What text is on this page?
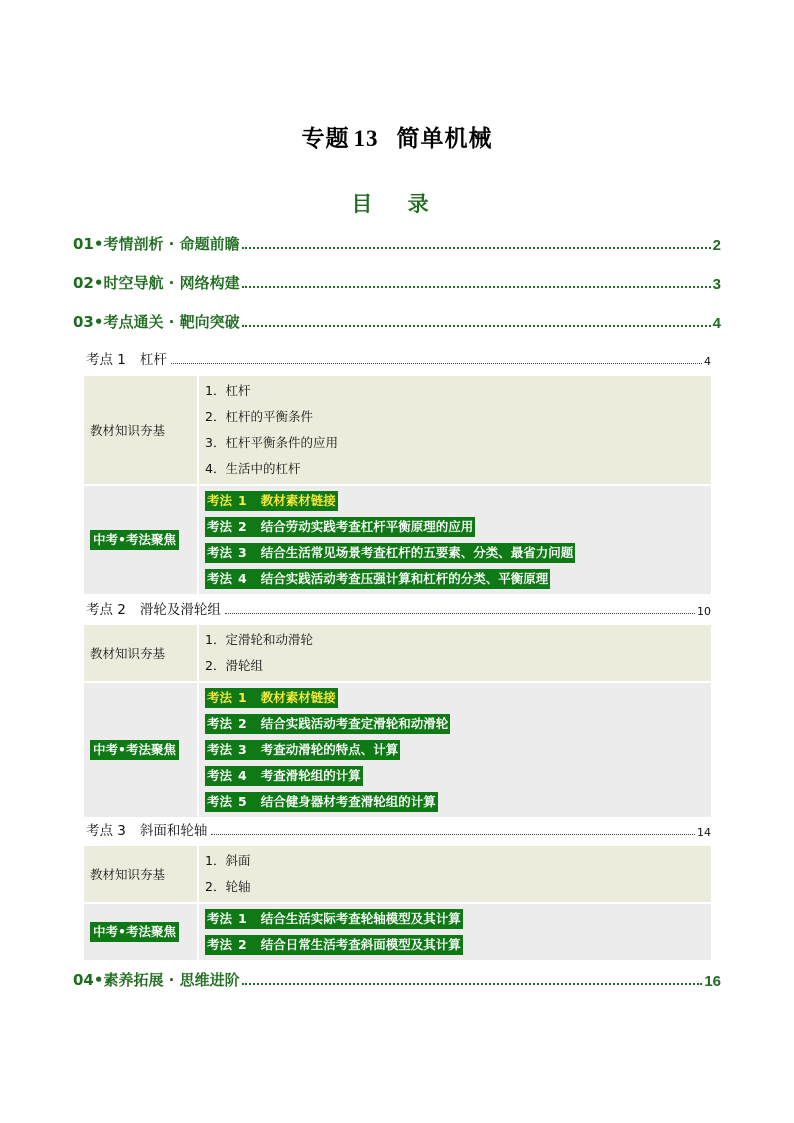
专题 13 简单机械
目 录
01•考情剖析 · 命题前瞻	2
02•时空导航 · 网络构建	3
03•考点通关 · 靶向突破	4
考点 1 杠杆	4
教材知识夯基
1．杠杆
2．杠杆的平衡条件
3．杠杆平衡条件的应用
4．生活中的杠杆
中考•考法聚焦
考法 1 教材素材链接
考法 2 结合劳动实践考查杠杆平衡原理的应用
考法 3 结合生活常见场景考查杠杆的五要素、分类、最省力问题
考法 4 结合实践活动考查压强计算和杠杆的分类、平衡原理
考点 2 滑轮及滑轮组	10
教材知识夯基
1．定滑轮和动滑轮
2．滑轮组
中考•考法聚焦
考法 1 教材素材链接
考法 2 结合实践活动考查定滑轮和动滑轮
考法 3 考查动滑轮的特点、计算
考法 4 考查滑轮组的计算
考法 5 结合健身器材考查滑轮组的计算
考点 3 斜面和轮轴	14
教材知识夯基
1．斜面
2．轮轴
中考•考法聚焦
考法 1 结合生活实际考查轮轴模型及其计算
考法 2 结合日常生活考查斜面模型及其计算
04•素养拓展 · 思维进阶	16
